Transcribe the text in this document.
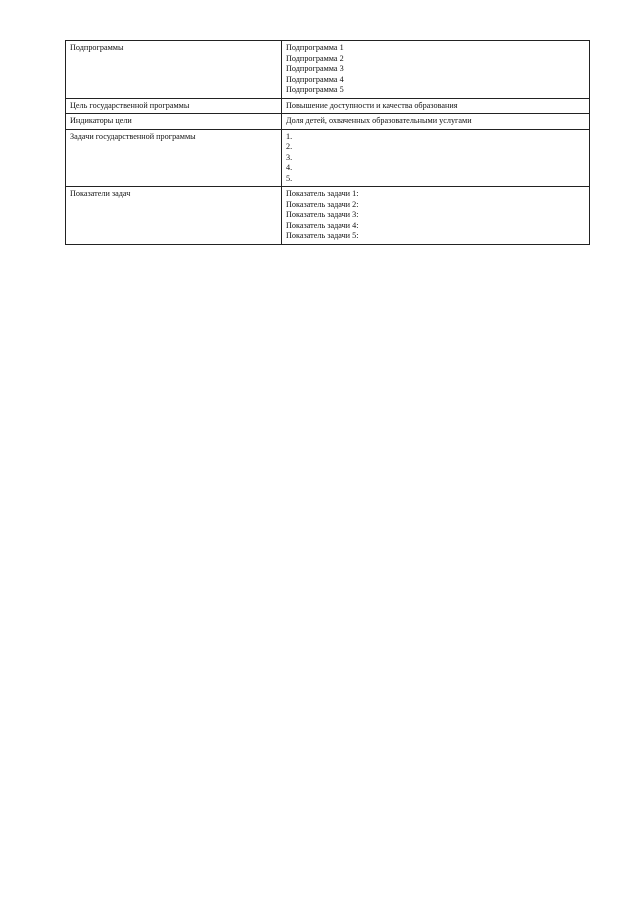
Подпрограммы	Подпрограмма 1

Подпрограмма 2

Подпрограмма 3

Подпрограмма 4

Подпрограмма 5

Цель государственной программы	Повышение доступности и качества образования

Индикаторы цели	Доля детей, охваченных образовательными услугами

Задачи государственной программы	1.

2.

3.

4.

5.

Показатели задач	Показатель задачи 1:

Показатель задачи 2:

Показатель задачи 3:

Показатель задачи 4:

Показатель задачи 5:
